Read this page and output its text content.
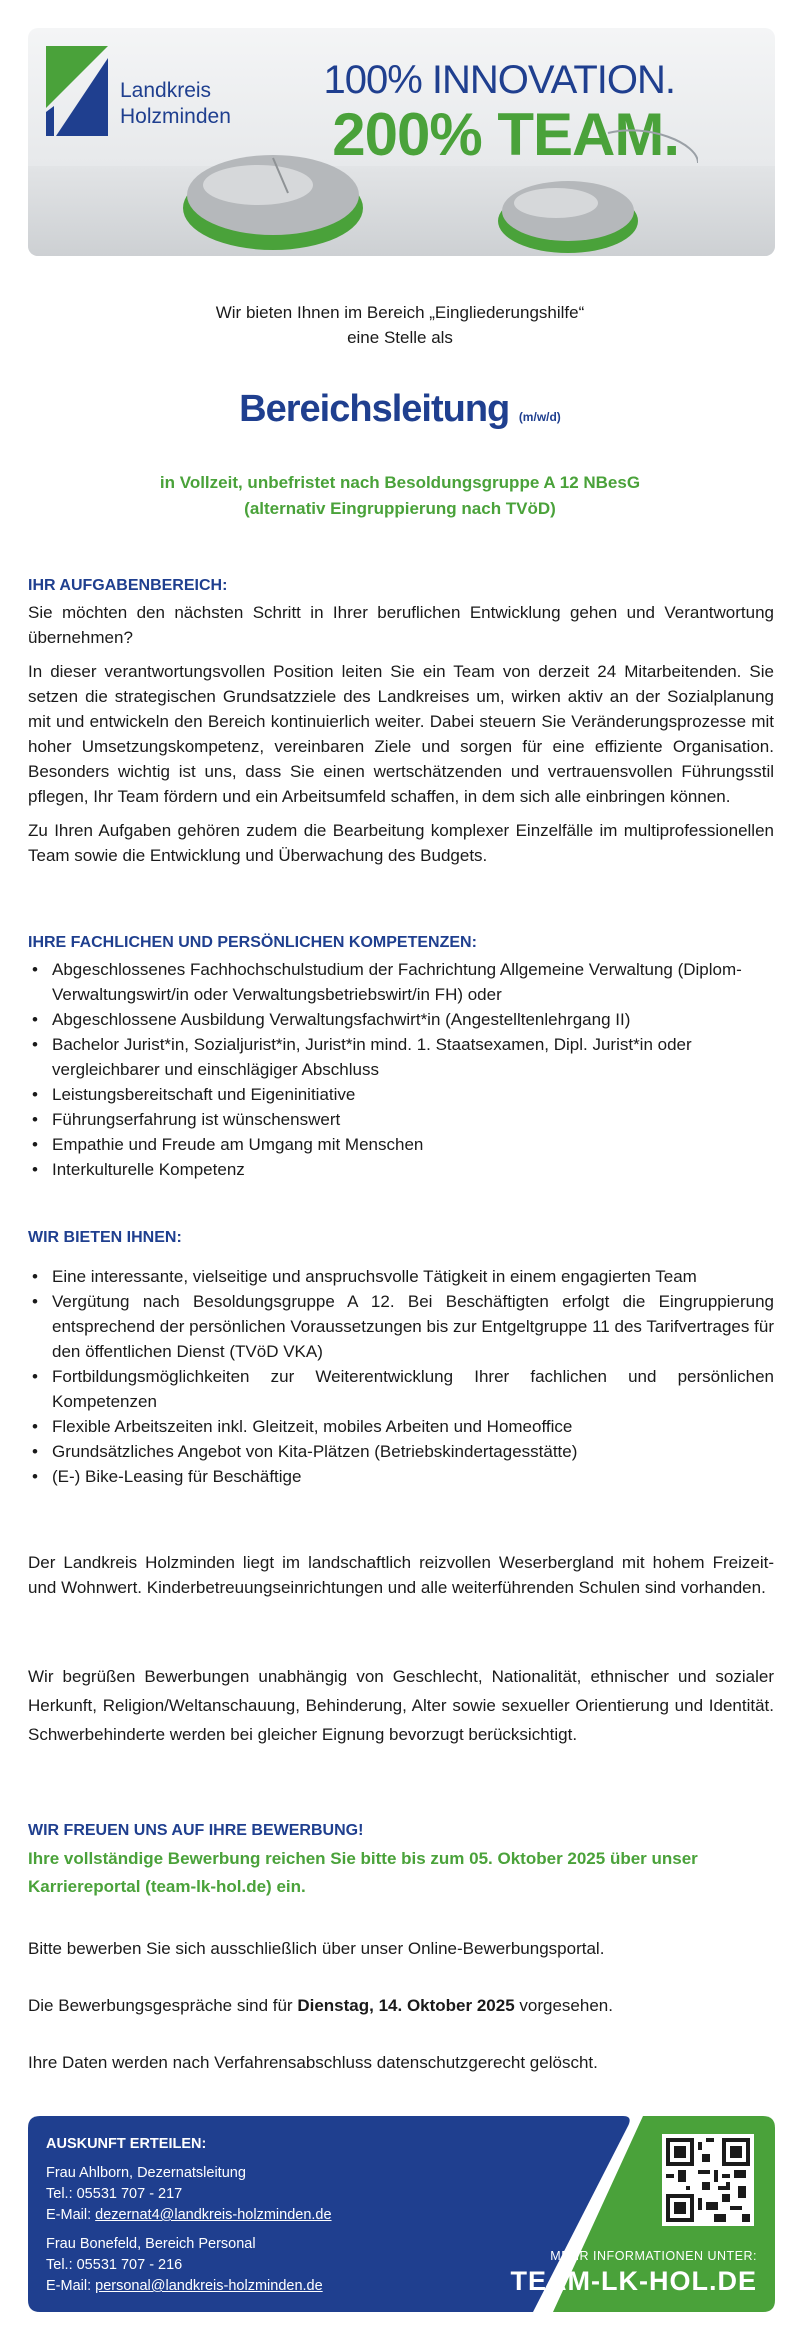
Landkreis
Holzminden
100% INNOVATION.
200% TEAM.
Wir bieten Ihnen im Bereich „Eingliederungshilfe“
eine Stelle als
Bereichsleitung (m/w/d)
in Vollzeit, unbefristet nach Besoldungsgruppe A 12 NBesG
(alternativ Eingruppierung nach TVöD)
IHR AUFGABENBEREICH:

Sie möchten den nächsten Schritt in Ihrer beruflichen Entwicklung gehen und Verantwortung übernehmen?

In dieser verantwortungsvollen Position leiten Sie ein Team von derzeit 24 Mitarbeitenden. Sie setzen die strategischen Grundsatzziele des Landkreises um, wirken aktiv an der Sozialplanung mit und entwickeln den Bereich kontinuierlich weiter. Dabei steuern Sie Veränderungsprozesse mit hoher Umsetzungskompetenz, vereinbaren Ziele und sorgen für eine effiziente Organisation. Besonders wichtig ist uns, dass Sie einen wertschätzenden und vertrauensvollen Führungsstil pflegen, Ihr Team fördern und ein Arbeitsumfeld schaffen, in dem sich alle einbringen können.

Zu Ihren Aufgaben gehören zudem die Bearbeitung komplexer Einzelfälle im multiprofessionellen Team sowie die Entwicklung und Überwachung des Budgets.

IHRE FACHLICHEN UND PERSÖNLICHEN KOMPETENZEN:
• Abgeschlossenes Fachhochschulstudium der Fachrichtung Allgemeine Verwaltung (Diplom-Verwaltungswirt/in oder Verwaltungsbetriebswirt/in FH) oder
• Abgeschlossene Ausbildung Verwaltungsfachwirt*in (Angestelltenlehrgang II)
• Bachelor Jurist*in, Sozialjurist*in, Jurist*in mind. 1. Staatsexamen, Dipl. Jurist*in oder vergleichbarer und einschlägiger Abschluss
• Leistungsbereitschaft und Eigeninitiative
• Führungserfahrung ist wünschenswert
• Empathie und Freude am Umgang mit Menschen
• Interkulturelle Kompetenz
WIR BIETEN IHNEN:
• Eine interessante, vielseitige und anspruchsvolle Tätigkeit in einem engagierten Team
• Vergütung nach Besoldungsgruppe A 12. Bei Beschäftigten erfolgt die Eingruppierung entsprechend der persönlichen Voraussetzungen bis zur Entgeltgruppe 11 des Tarifvertrages für den öffentlichen Dienst (TVöD VKA)
• Fortbildungsmöglichkeiten zur Weiterentwicklung Ihrer fachlichen und persönlichen Kompetenzen
• Flexible Arbeitszeiten inkl. Gleitzeit, mobiles Arbeiten und Homeoffice
• Grundsätzliches Angebot von Kita-Plätzen (Betriebskindertagesstätte)
• (E-) Bike-Leasing für Beschäftige

Der Landkreis Holzminden liegt im landschaftlich reizvollen Weserbergland mit hohem Freizeit- und Wohnwert. Kinderbetreuungseinrichtungen und alle weiterführenden Schulen sind vorhanden.

Wir begrüßen Bewerbungen unabhängig von Geschlecht, Nationalität, ethnischer und sozialer Herkunft, Religion/Weltanschauung, Behinderung, Alter sowie sexueller Orientierung und Identität. Schwerbehinderte werden bei gleicher Eignung bevorzugt berücksichtigt.

WIR FREUEN UNS AUF IHRE BEWERBUNG!
Ihre vollständige Bewerbung reichen Sie bitte bis zum 05. Oktober 2025 über unser Karriereportal (team-lk-hol.de) ein.
Bitte bewerben Sie sich ausschließlich über unser Online-Bewerbungsportal.
Die Bewerbungsgespräche sind für Dienstag, 14. Oktober 2025 vorgesehen.
Ihre Daten werden nach Verfahrensabschluss datenschutzgerecht gelöscht.
AUSKUNFT ERTEILEN:
Frau Ahlborn, Dezernatsleitung
Tel.: 05531 707 - 217
E-Mail: dezernat4@landkreis-holzminden.de
Frau Bonefeld, Bereich Personal
Tel.: 05531 707 - 216
E-Mail: personal@landkreis-holzminden.de
MEHR INFORMATIONEN UNTER:
TEAM-LK-HOL.DE
